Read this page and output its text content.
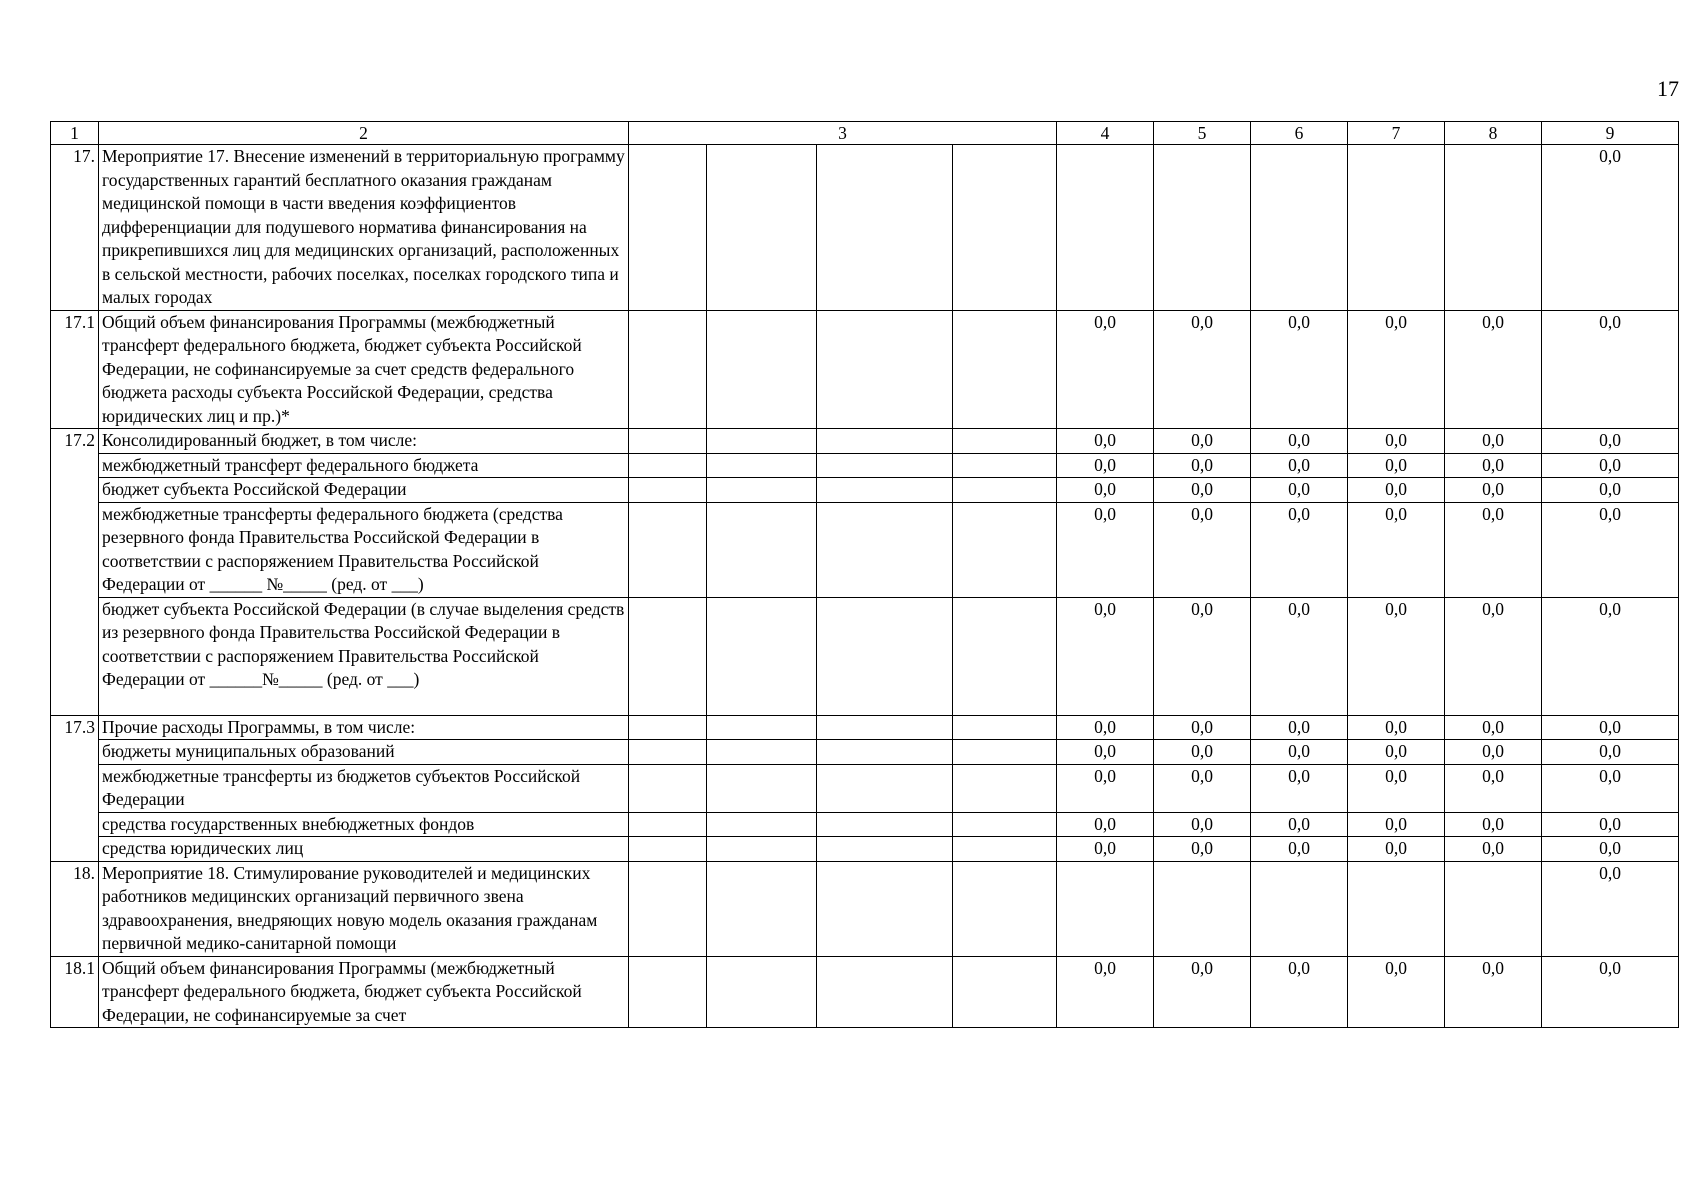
17
1	2	3				4	5	6	7	8	9
17.	Мероприятие 17. Внесение изменений в территориальную программу государственных гарантий бесплатного оказания гражданам медицинской помощи в части введения коэффициентов дифференциации для подушевого норматива финансирования на прикрепившихся лиц для медицинских организаций, расположенных в сельской местности, рабочих поселках, поселках городского типа и малых городах										0,0
17.1	Общий объем финансирования Программы (межбюджетный трансферт федерального бюджета, бюджет субъекта Российской Федерации, не софинансируемые за счет средств федерального бюджета расходы субъекта Российской Федерации, средства юридических лиц и пр.)*					0,0	0,0	0,0	0,0	0,0	0,0
17.2	Консолидированный бюджет, в том числе:					0,0	0,0	0,0	0,0	0,0	0,0
	межбюджетный трансферт федерального бюджета					0,0	0,0	0,0	0,0	0,0	0,0
	бюджет субъекта Российской Федерации					0,0	0,0	0,0	0,0	0,0	0,0
	межбюджетные трансферты федерального бюджета (средства резервного фонда Правительства Российской Федерации в соответствии с распоряжением Правительства Российской Федерации от ______ №_____ (ред. от ___)					0,0	0,0	0,0	0,0	0,0	0,0
	бюджет субъекта Российской Федерации (в случае выделения средств из резервного фонда Правительства Российской Федерации в соответствии с распоряжением Правительства Российской Федерации от ______№_____ (ред. от ___)					0,0	0,0	0,0	0,0	0,0	0,0
17.3	Прочие расходы Программы, в том числе:					0,0	0,0	0,0	0,0	0,0	0,0
	бюджеты муниципальных образований					0,0	0,0	0,0	0,0	0,0	0,0
	межбюджетные трансферты из бюджетов субъектов Российской Федерации					0,0	0,0	0,0	0,0	0,0	0,0
	средства государственных внебюджетных фондов					0,0	0,0	0,0	0,0	0,0	0,0
	средства юридических лиц					0,0	0,0	0,0	0,0	0,0	0,0
18.	Мероприятие 18. Стимулирование руководителей и медицинских работников медицинских организаций первичного звена здравоохранения, внедряющих новую модель оказания гражданам первичной медико-санитарной помощи										0,0
18.1	Общий объем финансирования Программы (межбюджетный трансферт федерального бюджета, бюджет субъекта Российской Федерации, не софинансируемые за счет					0,0	0,0	0,0	0,0	0,0	0,0
